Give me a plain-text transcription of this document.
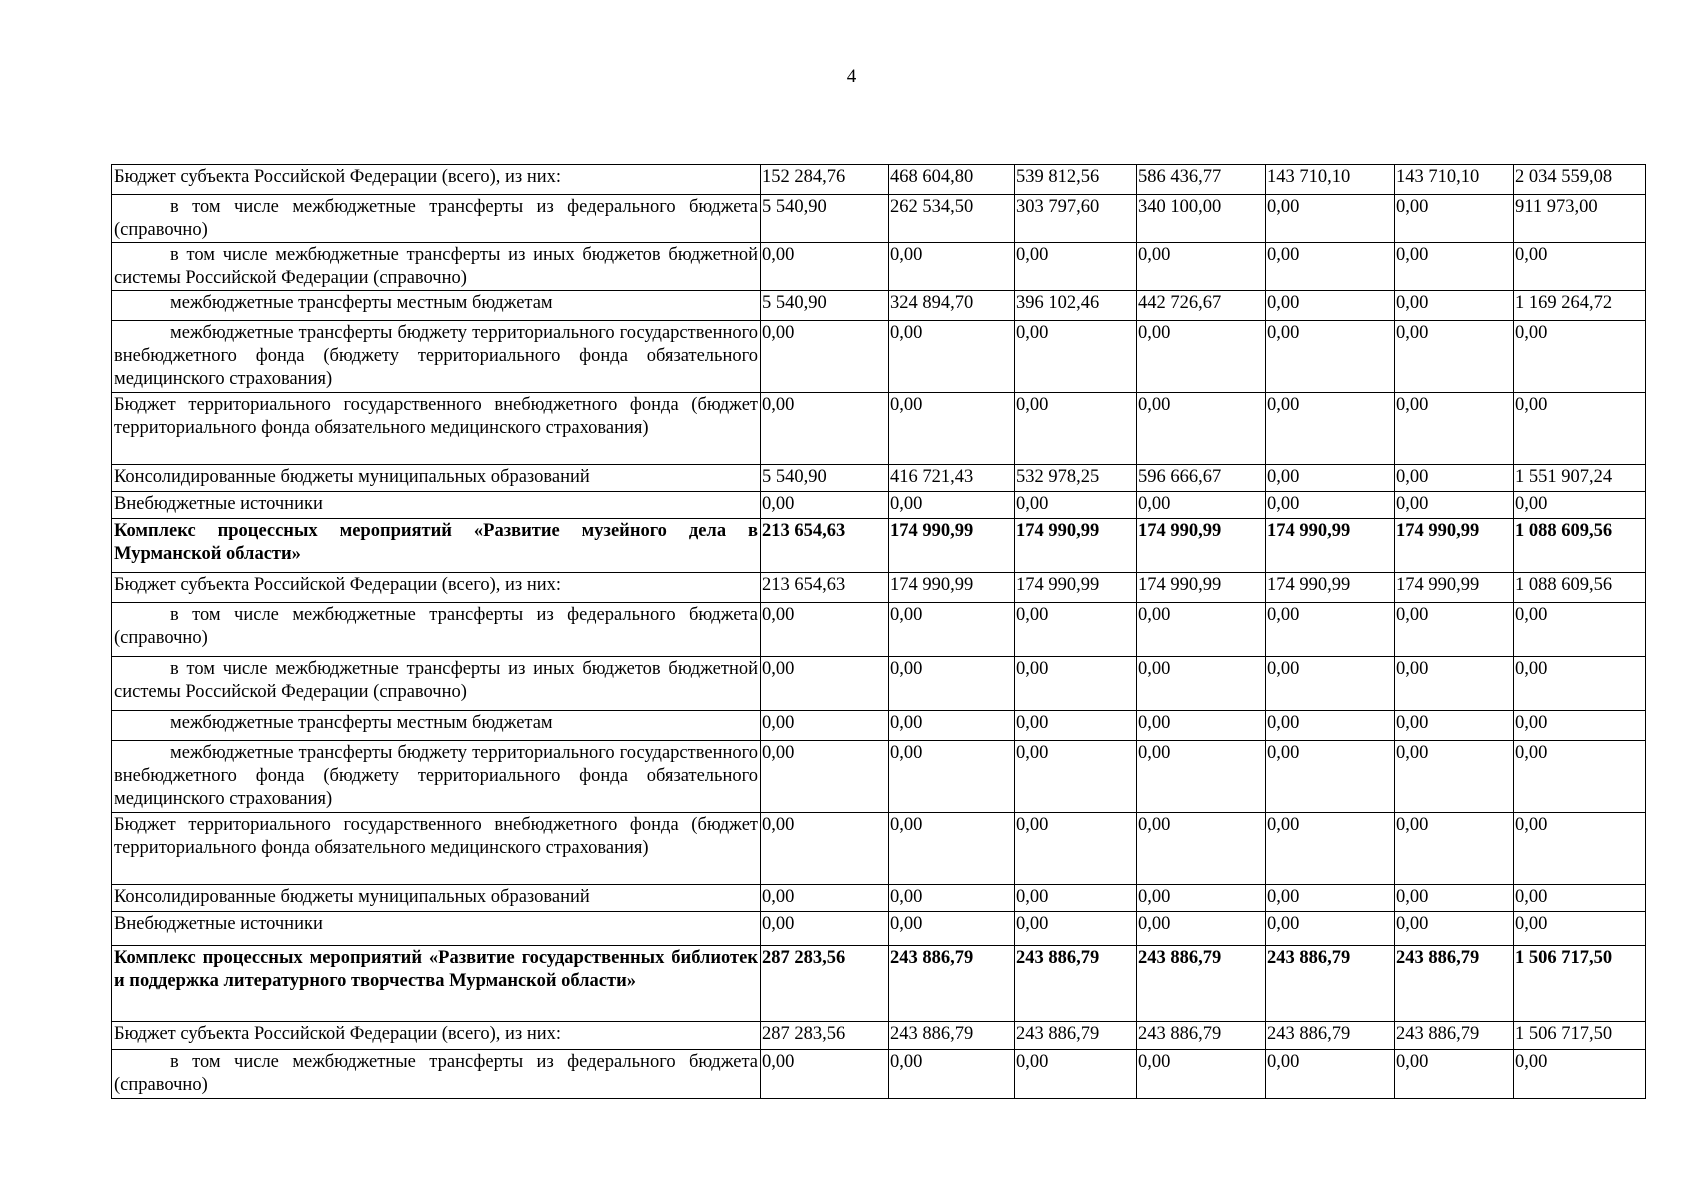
4
Бюджет субъекта Российской Федерации (всего), из них:	152 284,76	468 604,80	539 812,56	586 436,77	143 710,10	143 710,10	2 034 559,08
в том числе межбюджетные трансферты из федерального бюджета (справочно)	5 540,90	262 534,50	303 797,60	340 100,00	0,00	0,00	911 973,00
в том числе межбюджетные трансферты из иных бюджетов бюджетной системы Российской Федерации (справочно)	0,00	0,00	0,00	0,00	0,00	0,00	0,00
межбюджетные трансферты местным бюджетам	5 540,90	324 894,70	396 102,46	442 726,67	0,00	0,00	1 169 264,72
межбюджетные трансферты бюджету территориального государственного внебюджетного фонда (бюджету территориального фонда обязательного медицинского страхования)	0,00	0,00	0,00	0,00	0,00	0,00	0,00
Бюджет территориального государственного внебюджетного фонда (бюджет территориального фонда обязательного медицинского страхования)	0,00	0,00	0,00	0,00	0,00	0,00	0,00
Консолидированные бюджеты муниципальных образований	5 540,90	416 721,43	532 978,25	596 666,67	0,00	0,00	1 551 907,24
Внебюджетные источники	0,00	0,00	0,00	0,00	0,00	0,00	0,00
Комплекс процессных мероприятий «Развитие музейного дела в Мурманской области»	213 654,63	174 990,99	174 990,99	174 990,99	174 990,99	174 990,99	1 088 609,56
Бюджет субъекта Российской Федерации (всего), из них:	213 654,63	174 990,99	174 990,99	174 990,99	174 990,99	174 990,99	1 088 609,56
в том числе межбюджетные трансферты из федерального бюджета (справочно)	0,00	0,00	0,00	0,00	0,00	0,00	0,00
в том числе межбюджетные трансферты из иных бюджетов бюджетной системы Российской Федерации (справочно)	0,00	0,00	0,00	0,00	0,00	0,00	0,00
межбюджетные трансферты местным бюджетам	0,00	0,00	0,00	0,00	0,00	0,00	0,00
межбюджетные трансферты бюджету территориального государственного внебюджетного фонда (бюджету территориального фонда обязательного медицинского страхования)	0,00	0,00	0,00	0,00	0,00	0,00	0,00
Бюджет территориального государственного внебюджетного фонда (бюджет территориального фонда обязательного медицинского страхования)	0,00	0,00	0,00	0,00	0,00	0,00	0,00
Консолидированные бюджеты муниципальных образований	0,00	0,00	0,00	0,00	0,00	0,00	0,00
Внебюджетные источники	0,00	0,00	0,00	0,00	0,00	0,00	0,00
Комплекс процессных мероприятий «Развитие государственных библиотек и поддержка литературного творчества Мурманской области»	287 283,56	243 886,79	243 886,79	243 886,79	243 886,79	243 886,79	1 506 717,50
Бюджет субъекта Российской Федерации (всего), из них:	287 283,56	243 886,79	243 886,79	243 886,79	243 886,79	243 886,79	1 506 717,50
в том числе межбюджетные трансферты из федерального бюджета (справочно)	0,00	0,00	0,00	0,00	0,00	0,00	0,00
